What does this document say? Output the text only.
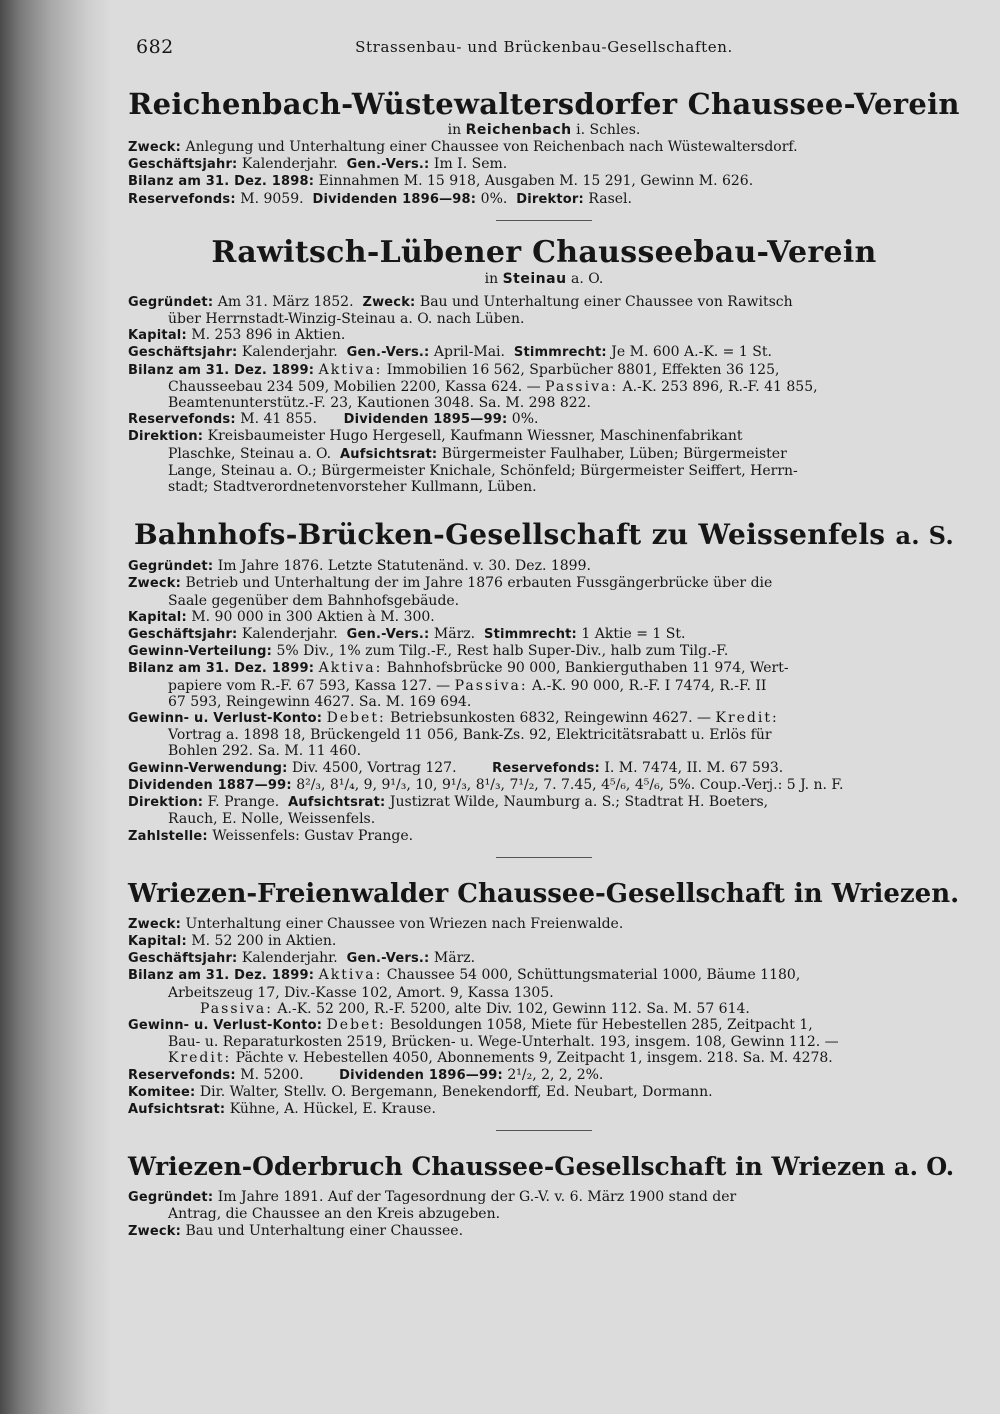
682	Strassenbau- und Brückenbau-Gesellschaften.
Reichenbach-Wüstewaltersdorfer Chaussee-Verein
in Reichenbach i. Schles.

Zweck: Anlegung und Unterhaltung einer Chaussee von Reichenbach nach Wüstewaltersdorf.

Geschäftsjahr: Kalenderjahr. Gen.-Vers.: Im I. Sem.

Bilanz am 31. Dez. 1898: Einnahmen M. 15 918, Ausgaben M. 15 291, Gewinn M. 626.

Reservefonds: M. 9059. Dividenden 1896—98: 0%. Direktor: Rasel.

Rawitsch-Lübener Chausseebau-Verein
in Steinau a. O.

Gegründet: Am 31. März 1852. Zweck: Bau und Unterhaltung einer Chaussee von Rawitsch
über Herrnstadt-Winzig-Steinau a. O. nach Lüben.

Kapital: M. 253 896 in Aktien.

Geschäftsjahr: Kalenderjahr. Gen.-Vers.: April-Mai. Stimmrecht: Je M. 600 A.-K. = 1 St.

Bilanz am 31. Dez. 1899: Aktiva: Immobilien 16 562, Sparbücher 8801, Effekten 36 125,
Chausseebau 234 509, Mobilien 2200, Kassa 624. — Passiva: A.-K. 253 896, R.-F. 41 855,
Beamtenunterstütz.-F. 23, Kautionen 3048. Sa. M. 298 822.

Reservefonds: M. 41 855. Dividenden 1895—99: 0%.

Direktion: Kreisbaumeister Hugo Hergesell, Kaufmann Wiessner, Maschinenfabrikant
Plaschke, Steinau a. O. Aufsichtsrat: Bürgermeister Faulhaber, Lüben; Bürgermeister
Lange, Steinau a. O.; Bürgermeister Knichale, Schönfeld; Bürgermeister Seiffert, Herrn-
stadt; Stadtverordnetenvorsteher Kullmann, Lüben.

Bahnhofs-Brücken-Gesellschaft zu Weissenfels a. S.

Gegründet: Im Jahre 1876. Letzte Statutenänd. v. 30. Dez. 1899.

Zweck: Betrieb und Unterhaltung der im Jahre 1876 erbauten Fussgängerbrücke über die
Saale gegenüber dem Bahnhofsgebäude.

Kapital: M. 90 000 in 300 Aktien à M. 300.

Geschäftsjahr: Kalenderjahr. Gen.-Vers.: März. Stimmrecht: 1 Aktie = 1 St.

Gewinn-Verteilung: 5% Div., 1% zum Tilg.-F., Rest halb Super-Div., halb zum Tilg.-F.

Bilanz am 31. Dez. 1899: Aktiva: Bahnhofsbrücke 90 000, Bankierguthaben 11 974, Wert-
papiere vom R.-F. 67 593, Kassa 127. — Passiva: A.-K. 90 000, R.-F. I 7474, R.-F. II
67 593, Reingewinn 4627. Sa. M. 169 694.

Gewinn- u. Verlust-Konto: Debet: Betriebsunkosten 6832, Reingewinn 4627. — Kredit:
Vortrag a. 1898 18, Brückengeld 11 056, Bank-Zs. 92, Elektricitätsrabatt u. Erlös für
Bohlen 292. Sa. M. 11 460.

Gewinn-Verwendung: Div. 4500, Vortrag 127.	Reservefonds: I. M. 7474, II. M. 67 593.

Dividenden 1887—99: 8²/₃, 8¹/₄, 9, 9¹/₃, 10, 9¹/₃, 8¹/₃, 7¹/₂, 7. 7.45, 4⁵/₆, 4⁵/₆, 5%. Coup.-Verj.: 5 J. n. F.

Direktion: F. Prange. Aufsichtsrat: Justizrat Wilde, Naumburg a. S.; Stadtrat H. Boeters,
Rauch, E. Nolle, Weissenfels.

Zahlstelle: Weissenfels: Gustav Prange.

Wriezen-Freienwalder Chaussee-Gesellschaft in Wriezen.

Zweck: Unterhaltung einer Chaussee von Wriezen nach Freienwalde.

Kapital: M. 52 200 in Aktien.

Geschäftsjahr: Kalenderjahr. Gen.-Vers.: März.

Bilanz am 31. Dez. 1899: Aktiva: Chaussee 54 000, Schüttungsmaterial 1000, Bäume 1180,
Arbeitszeug 17, Div.-Kasse 102, Amort. 9, Kassa 1305.
Passiva: A.-K. 52 200, R.-F. 5200, alte Div. 102, Gewinn 112. Sa. M. 57 614.

Gewinn- u. Verlust-Konto: Debet: Besoldungen 1058, Miete für Hebestellen 285, Zeitpacht 1,
Bau- u. Reparaturkosten 2519, Brücken- u. Wege-Unterhalt. 193, insgem. 108, Gewinn 112. —
Kredit: Pächte v. Hebestellen 4050, Abonnements 9, Zeitpacht 1, insgem. 218. Sa. M. 4278.

Reservefonds: M. 5200.	Dividenden 1896—99: 2¹/₂, 2, 2, 2%.

Komitee: Dir. Walter, Stellv. O. Bergemann, Benekendorff, Ed. Neubart, Dormann.

Aufsichtsrat: Kühne, A. Hückel, E. Krause.

Wriezen-Oderbruch Chaussee-Gesellschaft in Wriezen a. O.

Gegründet: Im Jahre 1891. Auf der Tagesordnung der G.-V. v. 6. März 1900 stand der
Antrag, die Chaussee an den Kreis abzugeben.

Zweck: Bau und Unterhaltung einer Chaussee.
